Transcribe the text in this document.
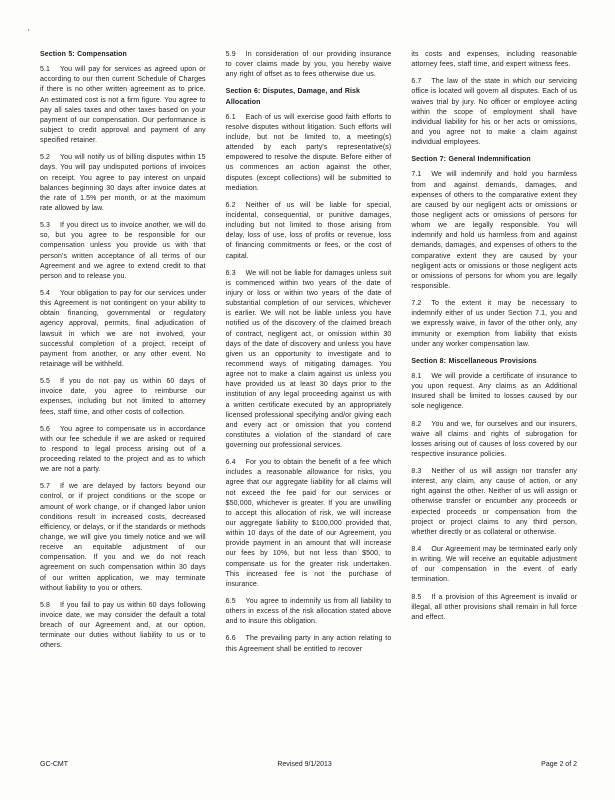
'

Section 5: Compensation

5.1 You will pay for services as agreed upon or according to our then current Schedule of Charges if there is no other written agreement as to price. An estimated cost is not a firm figure. You agree to pay all sales taxes and other taxes based on your payment of our compensation. Our performance is subject to credit approval and payment of any specified retainer.

5.2 You will notify us of billing disputes within 15 days. You will pay undisputed portions of invoices on receipt. You agree to pay interest on unpaid balances beginning 30 days after invoice dates at the rate of 1.5% per month, or at the maximum rate allowed by law.

5.3 If you direct us to invoice another, we will do so, but you agree to be responsible for our compensation unless you provide us with that person's written acceptance of all terms of our Agreement and we agree to extend credit to that person and to release you.

5.4 Your obligation to pay for our services under this Agreement is not contingent on your ability to obtain financing, governmental or regulatory agency approval, permits, final adjudication of lawsuit in which we are not involved, your successful completion of a project, receipt of payment from another, or any other event. No retainage will be withheld.

5.5 If you do not pay us within 60 days of invoice date, you agree to reimburse our expenses, including but not limited to attorney fees, staff time, and other costs of collection.

5.6 You agree to compensate us in accordance with our fee schedule if we are asked or required to respond to legal process arising out of a proceeding related to the project and as to which we are not a party.

5.7 If we are delayed by factors beyond our control, or if project conditions or the scope or amount of work change, or if changed labor union conditions result in increased costs, decreased efficiency, or delays, or if the standards or methods change, we will give you timely notice and we will receive an equitable adjustment of our compensation. If you and we do not reach agreement on such compensation within 30 days of our written application, we may terminate without liability to you or others.

5.8 If you fail to pay us within 60 days following invoice date, we may consider the default a total breach of our Agreement and, at our option, terminate our duties without liability to us or to others.

5.9 In consideration of our providing insurance to cover claims made by you, you hereby waive any right of offset as to fees otherwise due us.

Section 6: Disputes, Damage, and Risk Allocation

6.1 Each of us will exercise good faith efforts to resolve disputes without litigation. Such efforts will include, but not be limited to, a meeting(s) attended by each party's representative(s) empowered to resolve the dispute. Before either of us commences an action against the other, disputes (except collections) will be submitted to mediation.

6.2 Neither of us will be liable for special, incidental, consequential, or punitive damages, including but not limited to those arising from delay, loss of use, loss of profits or revenue, loss of financing commitments or fees, or the cost of capital.

6.3 We will not be liable for damages unless suit is commenced within two years of the date of injury or loss or within two years of the date of substantial completion of our services, whichever is earlier. We will not be liable unless you have notified us of the discovery of the claimed breach of contract, negligent act, or omission within 30 days of the date of discovery and unless you have given us an opportunity to investigate and to recommend ways of mitigating damages. You agree not to make a claim against us unless you have provided us at least 30 days prior to the institution of any legal proceeding against us with a written certificate executed by an appropriately licensed professional specifying and/or giving each and every act or omission that you contend constitutes a violation of the standard of care governing our professional services.

6.4 For you to obtain the benefit of a fee which includes a reasonable allowance for risks, you agree that our aggregate liability for all claims will not exceed the fee paid for our services or $50,000, whichever is greater. If you are unwilling to accept this allocation of risk, we will increase our aggregate liability to $100,000 provided that, within 10 days of the date of our Agreement, you provide payment in an amount that will increase our fees by 10%, but not less than $500, to compensate us for the greater risk undertaken. This increased fee is not the purchase of insurance.

6.5 You agree to indemnify us from all liability to others in excess of the risk allocation stated above and to insure this obligation.

6.6 The prevailing party in any action relating to this Agreement shall be entitled to recover

its costs and expenses, including reasonable attorney fees, staff time, and expert witness fees.

6.7 The law of the state in which our servicing office is located will govern all disputes. Each of us waives trial by jury. No officer or employee acting within the scope of employment shall have individual liability for his or her acts or omissions, and you agree not to make a claim against individual employees.

Section 7: General Indemnification

7.1 We will indemnify and hold you harmless from and against demands, damages, and expenses of others to the comparative extent they are caused by our negligent acts or omissions or those negligent acts or omissions of persons for whom we are legally responsible. You will indemnify and hold us harmless from and against demands, damages, and expenses of others to the comparative extent they are caused by your negligent acts or omissions or those negligent acts or omissions of persons for whom you are legally responsible.

7.2 To the extent it may be necessary to indemnify either of us under Section 7.1, you and we expressly waive, in favor of the other only, any immunity or exemption from liability that exists under any worker compensation law.

Section 8: Miscellaneous Provisions

8.1 We will provide a certificate of insurance to you upon request. Any claims as an Additional Insured shall be limited to losses caused by our sole negligence.

8.2 You and we, for ourselves and our insurers, waive all claims and rights of subrogation for losses arising out of causes of loss covered by our respective insurance policies.

8.3 Neither of us will assign nor transfer any interest, any claim, any cause of action, or any right against the other. Neither of us will assign or otherwise transfer or encumber any proceeds or expected proceeds or compensation from the project or project claims to any third person, whether directly or as collateral or otherwise.

8.4 Our Agreement may be terminated early only in writing. We will receive an equitable adjustment of our compensation in the event of early termination.

8.5 If a provision of this Agreement is invalid or illegal, all other provisions shall remain in full force and effect.

GC-CMT	Revised 9/1/2013	Page 2 of 2
